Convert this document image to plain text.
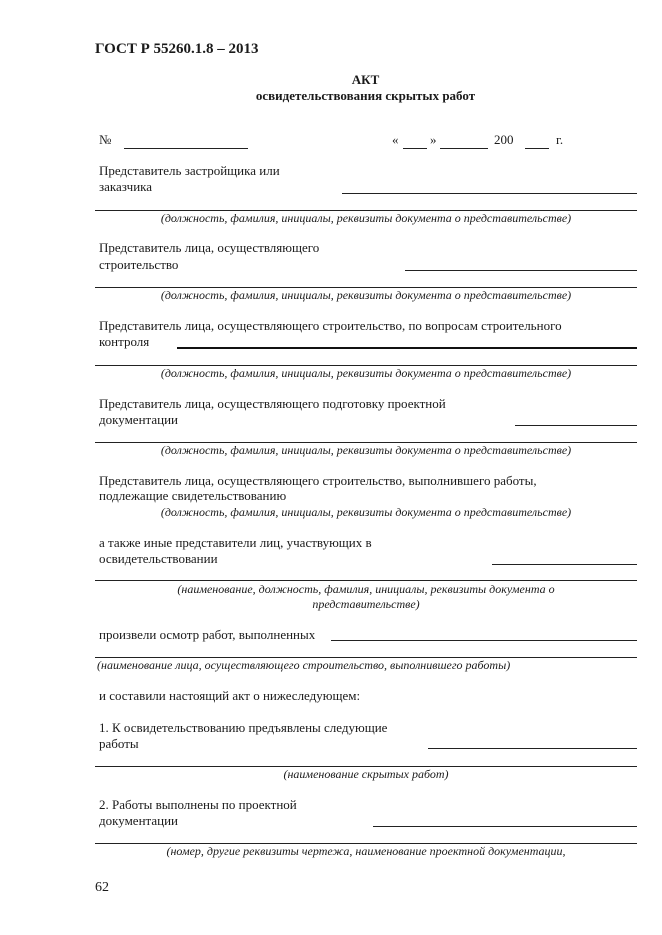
ГОСТ Р 55260.1.8 – 2013
АКТ
освидетельствования скрытых работ
№	« »	200	г.
Представитель застройщика или
заказчика
(должность, фамилия, инициалы, реквизиты документа о представительстве)
Представитель лица, осуществляющего
строительство
(должность, фамилия, инициалы, реквизиты документа о представительстве)
Представитель лица, осуществляющего строительство, по вопросам строительного
контроля
(должность, фамилия, инициалы, реквизиты документа о представительстве)
Представитель лица, осуществляющего подготовку проектной
документации
(должность, фамилия, инициалы, реквизиты документа о представительстве)
Представитель лица, осуществляющего строительство, выполнившего работы,
подлежащие свидетельствованию
(должность, фамилия, инициалы, реквизиты документа о представительстве)
а также иные представители лиц, участвующих в
освидетельствовании
(наименование, должность, фамилия, инициалы, реквизиты документа о
представительстве)
произвели осмотр работ, выполненных
(наименование лица, осуществляющего строительство, выполнившего работы)
и составили настоящий акт о нижеследующем:
1. К освидетельствованию предъявлены следующие
работы
(наименование скрытых работ)
2. Работы выполнены по проектной
документации
(номер, другие реквизиты чертежа, наименование проектной документации,
62
